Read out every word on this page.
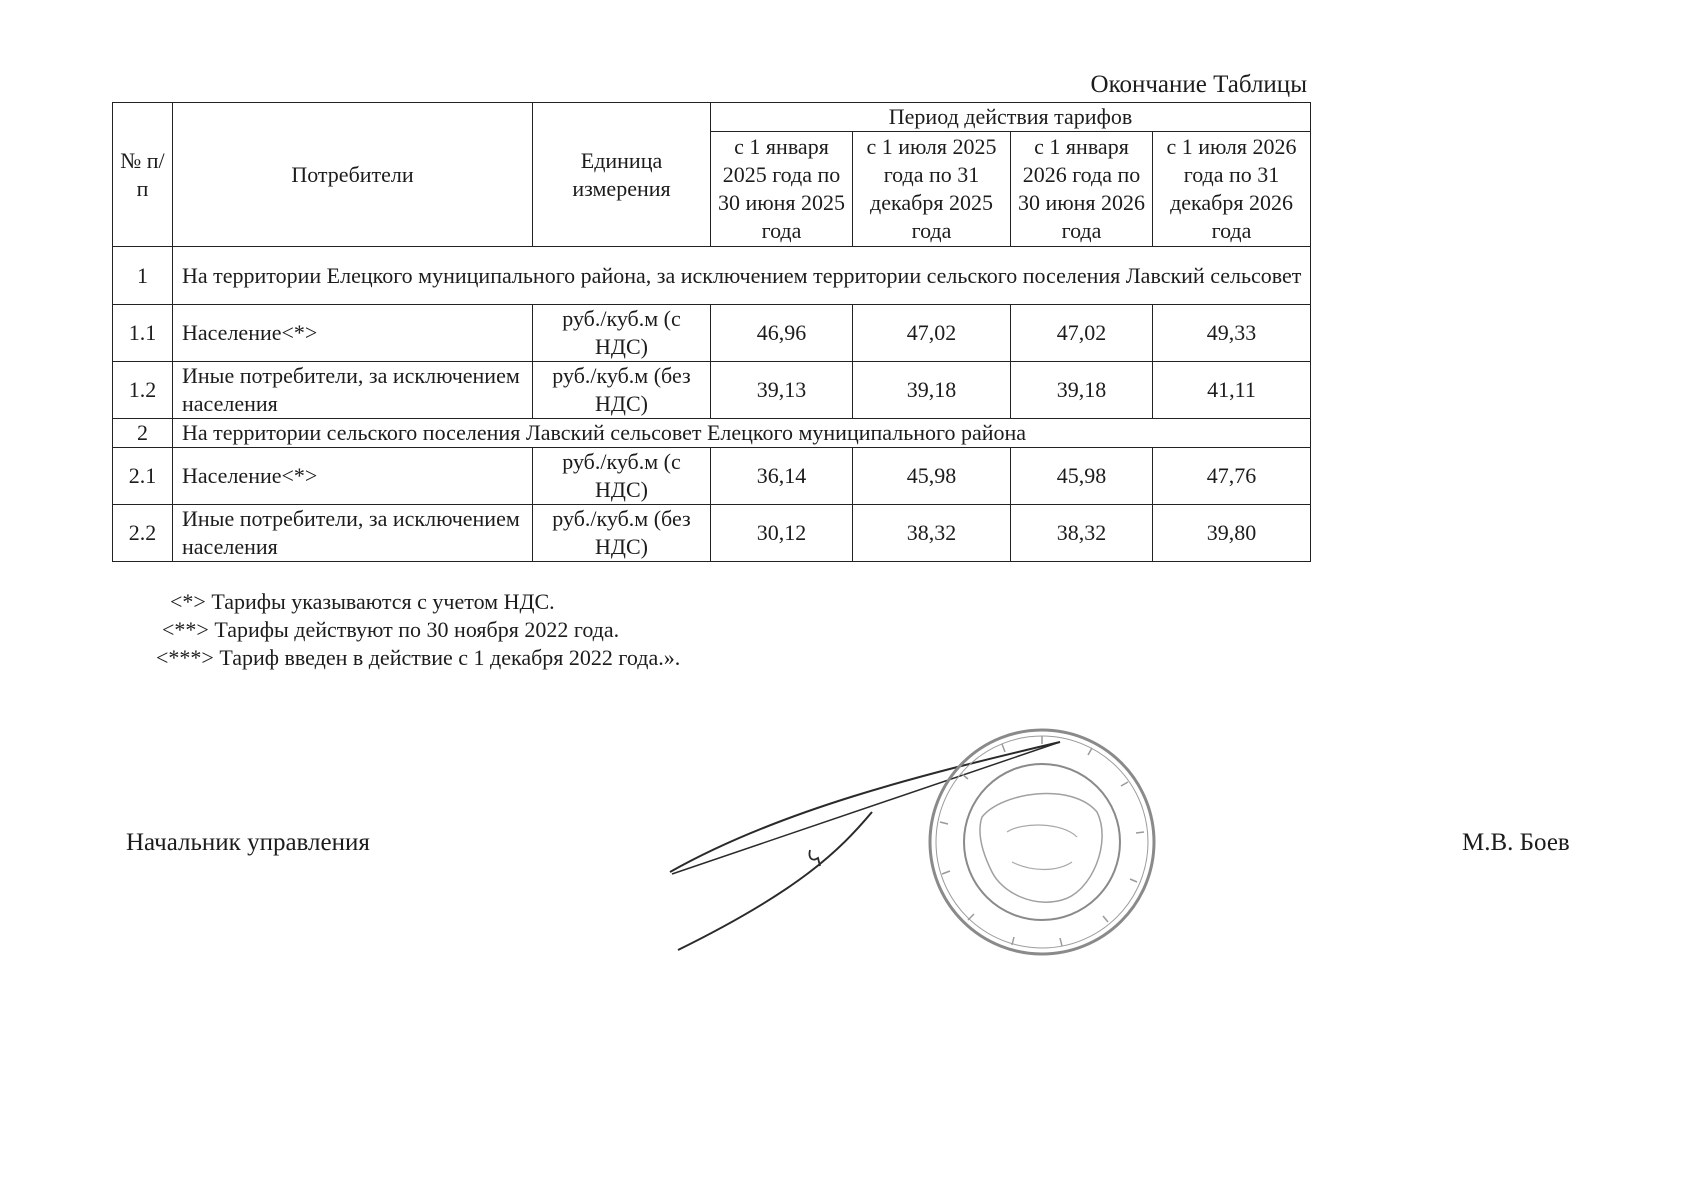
Окончание Таблицы
№ п/п	Потребители	Единица измерения	Период действия тарифов			
			с 1 января 2025 года по 30 июня 2025 года	с 1 июля 2025 года по 31 декабря 2025 года	с 1 января 2026 года по 30 июня 2026 года	с 1 июля 2026 года по 31 декабря 2026 года
1	На территории Елецкого муниципального района, за исключением территории сельского поселения Лавский сельсовет					
1.1	Население<*>	руб./куб.м (с НДС)	46,96	47,02	47,02	49,33
1.2	Иные потребители, за исключением населения	руб./куб.м (без НДС)	39,13	39,18	39,18	41,11
2	На территории сельского поселения Лавский сельсовет Елецкого муниципального района					
2.1	Население<*>	руб./куб.м (с НДС)	36,14	45,98	45,98	47,76
2.2	Иные потребители, за исключением населения	руб./куб.м (без НДС)	30,12	38,32	38,32	39,80
<*> Тарифы указываются с учетом НДС.
<**> Тарифы действуют по 30 ноября 2022 года.
<***> Тариф введен в действие с 1 декабря 2022 года.».
Начальник управления	М.В. Боев
